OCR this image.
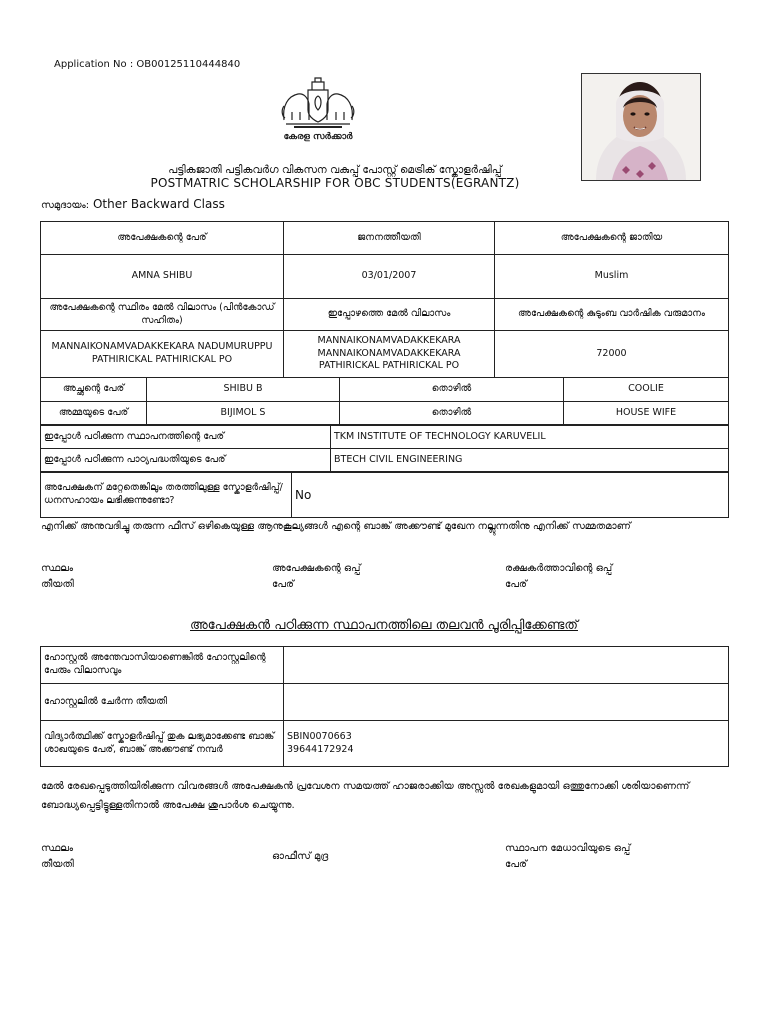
Application No : OB00125110444840
കേരള സർക്കാർ
പട്ടികജാതി പട്ടികവർഗ വികസന വകുപ്പ് പോസ്റ്റ് മെട്രിക് സ്കോളർഷിപ്പ്
POSTMATRIC SCHOLARSHIP FOR OBC STUDENTS(EGRANTZ)
സമുദായം: Other Backward Class
അപേക്ഷകന്റെ പേര്	ജനനത്തീയതി	അപേക്ഷകന്റെ ജാതിയ
AMNA SHIBU	03/01/2007	Muslim
അപേക്ഷകന്റെ സ്ഥിരം മേൽ വിലാസം (പിൻകോഡ് സഹിതം)	ഇപ്പോഴത്തെ മേൽ വിലാസം	അപേക്ഷകന്റെ കുടുംബ വാർഷിക വരുമാനം
MANNAIKONAMVADAKKEKARA NADUMURUPPU PATHIRICKAL PATHIRICKAL PO	MANNAIKONAMVADAKKEKARA MANNAIKONAMVADAKKEKARA PATHIRICKAL PATHIRICKAL PO	72000
അച്ഛന്റെ പേര്	SHIBU B	തൊഴിൽ	COOLIE
അമ്മയുടെ പേര്	BIJIMOL S	തൊഴിൽ	HOUSE WIFE
ഇപ്പോൾ പഠിക്കുന്ന സ്ഥാപനത്തിന്റെ പേര്	TKM INSTITUTE OF TECHNOLOGY KARUVELIL
ഇപ്പോൾ പഠിക്കുന്ന പാഠ്യപദ്ധതിയുടെ പേര്	BTECH CIVIL ENGINEERING
അപേക്ഷകന് മറ്റേതെങ്കിലും തരത്തിലുള്ള സ്കോളർഷിപ്പ്/ധനസഹായം ലഭിക്കുന്നുണ്ടോ?	No
എനിക്ക് അനുവദിച്ചു തരുന്ന ഫീസ് ഒഴികെയുള്ള ആനുകൂല്യങ്ങൾ എന്റെ ബാങ്ക് അക്കൗണ്ട് മുഖേന നല്ലുന്നതിനു എനിക്ക് സമ്മതമാണ്
സ്ഥലം
തീയതി
അപേക്ഷകന്റെ ഒപ്പ്
പേര്
രക്ഷകർത്താവിന്റെ ഒപ്പ്
പേര്
അപേക്ഷകൻ പഠിക്കുന്ന സ്ഥാപനത്തിലെ തലവൻ പൂരിപ്പിക്കേണ്ടത്
ഹോസ്റ്റൽ അന്തേവാസിയാണെങ്കിൽ ഹോസ്റ്റലിന്റെ പേരും വിലാസവും	
ഹോസ്റ്റലിൽ ചേർന്ന തീയതി	
വിദ്യാർത്ഥിക്ക് സ്കോളർഷിപ്പ് തുക ലഭ്യമാക്കേണ്ട ബാങ്ക് ശാഖയുടെ പേര്, ബാങ്ക് അക്കൗണ്ട് നമ്പർ	SBIN0070663
39644172924
മേൽ രേഖപ്പെടുത്തിയിരിക്കുന്ന വിവരങ്ങൾ അപേക്ഷകൻ പ്രവേശന സമയത്ത് ഹാജരാക്കിയ അസ്സൽ രേഖകളുമായി ഒത്തുനോക്കി ശരിയാണെന്ന് ബോദ്ധ്യപ്പെട്ടിട്ടുള്ളതിനാൽ അപേക്ഷ ശുപാർശ ചെയ്യുന്നു.
സ്ഥലം
തീയതി
ഓഫീസ് മുദ്ര
സ്ഥാപന മേധാവിയുടെ ഒപ്പ്
പേര്
